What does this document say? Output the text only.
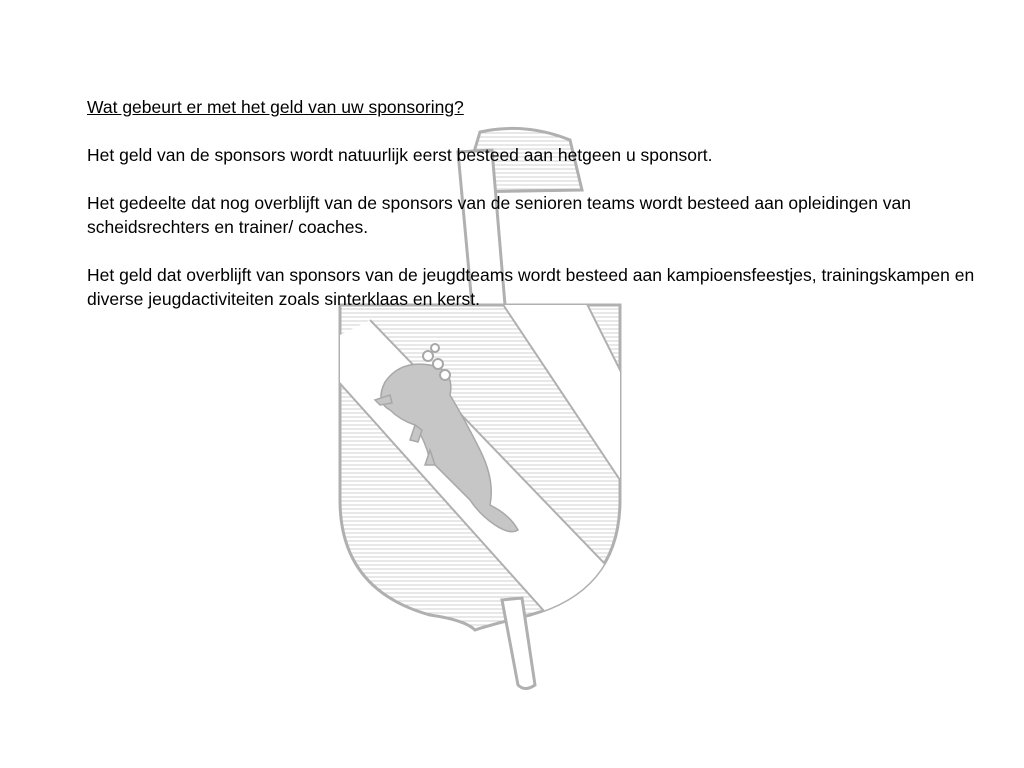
Wat gebeurt er met het geld van uw sponsoring?

Het geld van de sponsors wordt natuurlijk eerst besteed aan hetgeen u sponsort.

Het gedeelte dat nog overblijft van de sponsors van de senioren teams wordt besteed aan opleidingen van scheidsrechters en trainer/ coaches.

Het geld dat overblijft van sponsors van de jeugdteams wordt besteed aan kampioensfeestjes, trainingskampen en diverse jeugdactiviteiten zoals sinterklaas en kerst.
